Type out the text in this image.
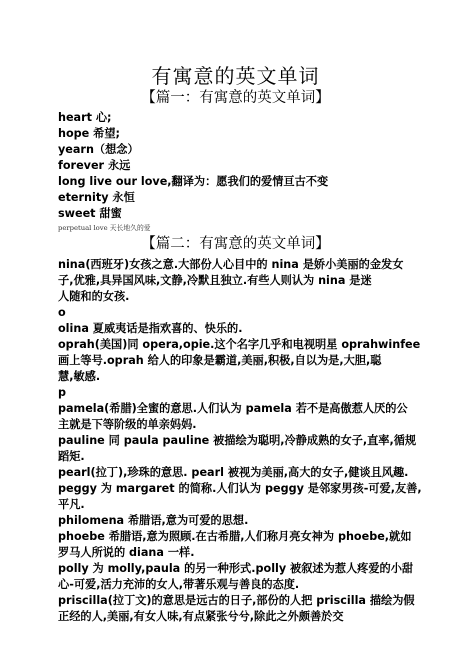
有寓意的英文单词
【篇一：有寓意的英文单词】
heart 心;
hope 希望;
yearn（想念）
forever 永远
long live our love,翻译为：愿我们的爱情亘古不变
eternity 永恒
sweet 甜蜜
perpetual love 天长地久的爱
【篇二：有寓意的英文单词】
nina(西班牙)女孩之意.大部份人心目中的 nina 是娇小美丽的金发女
子,优雅,具异国风味,文静,冷默且独立.有些人则认为 nina 是迷
人随和的女孩.
o
olina 夏威夷话是指欢喜的、快乐的.
oprah(美国)同 opera,opie.这个名字几乎和电视明星 oprahwinfee
画上等号.oprah 给人的印象是霸道,美丽,积极,自以为是,大胆,聪
慧,敏感.
p
pamela(希腊)全蜜的意思.人们认为 pamela 若不是高傲惹人厌的公
主就是下等阶级的单亲妈妈.
pauline 同 paula pauline 被描绘为聪明,冷静成熟的女子,直率,循规
蹈矩.
pearl(拉丁),珍珠的意思. pearl 被视为美丽,高大的女子,健谈且风趣.
peggy 为 margaret 的简称.人们认为 peggy 是邻家男孩-可爱,友善,
平凡.
philomena 希腊语,意为可爱的思想.
phoebe 希腊语,意为照顾.在古希腊,人们称月亮女神为 phoebe,就如
罗马人所说的 diana 一样.
polly 为 molly,paula 的另一种形式.polly 被叙述为惹人疼爱的小甜
心-可爱,活力充沛的女人,带著乐观与善良的态度.
priscilla(拉丁文)的意思是远古的日子,部份的人把 priscilla 描绘为假
正经的人,美丽,有女人味,有点紧张兮兮,除此之外颇善於交
